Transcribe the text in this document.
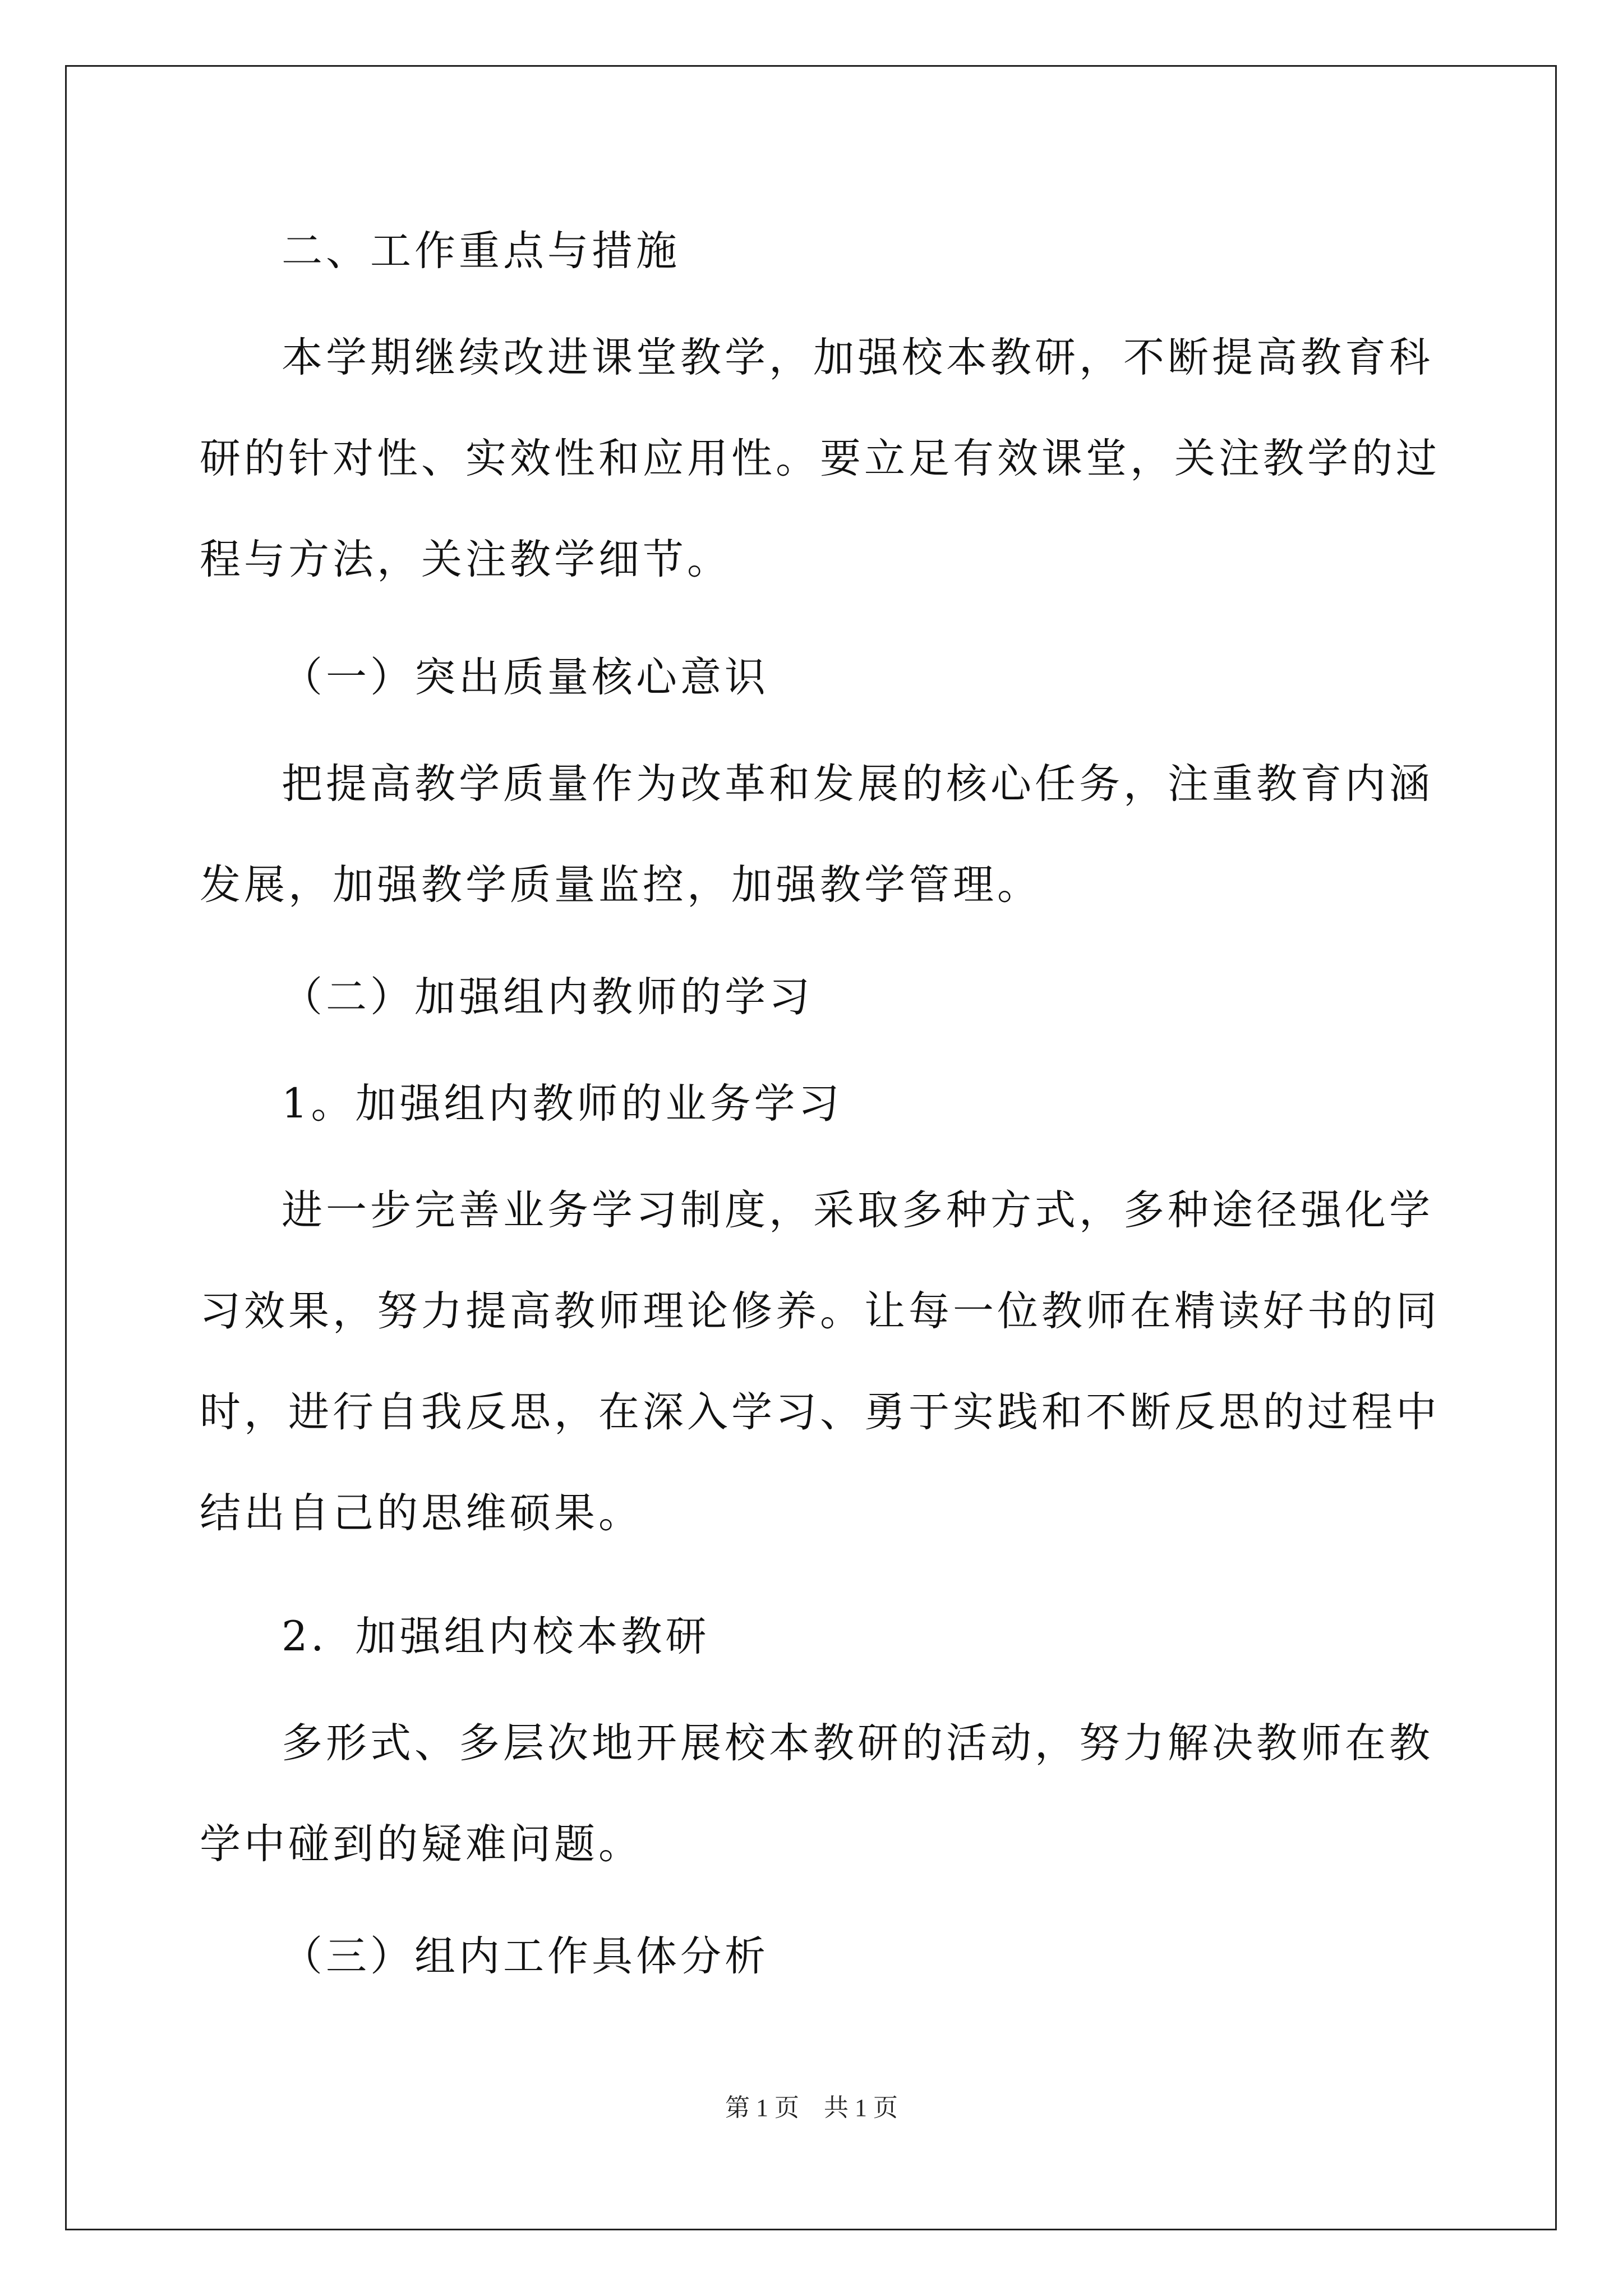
二、工作重点与措施

本学期继续改进课堂教学，加强校本教研，不断提高教育科研的针对性、实效性和应用性。要立足有效课堂，关注教学的过程与方法，关注教学细节。

（一）突出质量核心意识

把提高教学质量作为改革和发展的核心任务，注重教育内涵发展，加强教学质量监控，加强教学管理。

（二）加强组内教师的学习

1。加强组内教师的业务学习

进一步完善业务学习制度，采取多种方式，多种途径强化学习效果，努力提高教师理论修养。让每一位教师在精读好书的同时，进行自我反思，在深入学习、勇于实践和不断反思的过程中结出自己的思维硕果。

2．加强组内校本教研

多形式、多层次地开展校本教研的活动，努力解决教师在教学中碰到的疑难问题。

（三）组内工作具体分析

第 1 页    共 1 页
